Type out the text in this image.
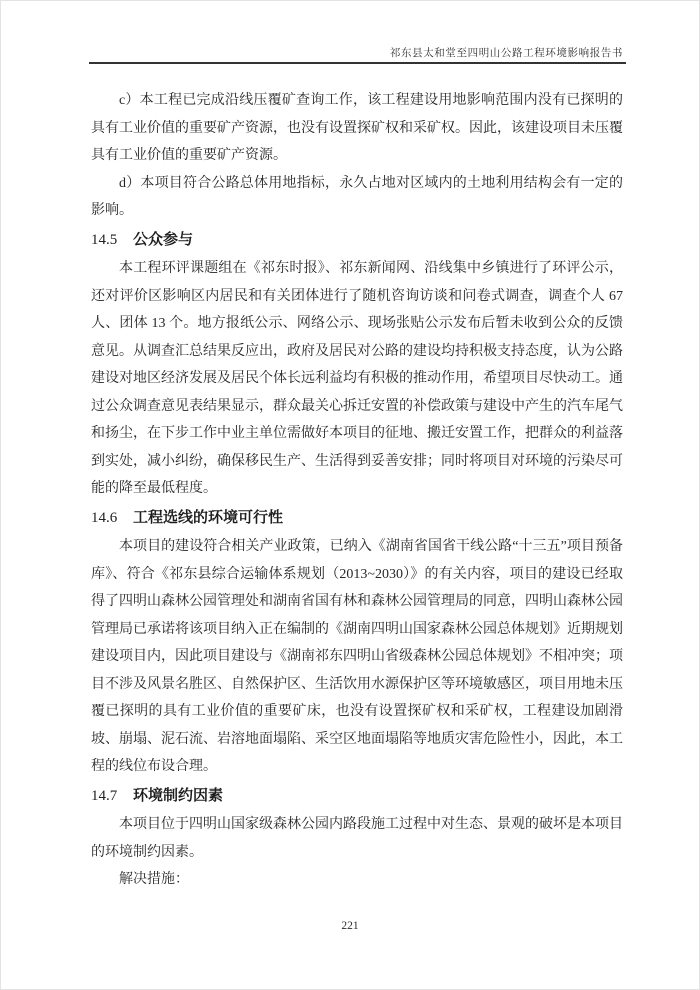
祁东县太和堂至四明山公路工程环境影响报告书

c）本工程已完成沿线压覆矿查询工作，该工程建设用地影响范围内没有已探明的具有工业价值的重要矿产资源，也没有设置探矿权和采矿权。因此，该建设项目未压覆具有工业价值的重要矿产资源。

d）本项目符合公路总体用地指标，永久占地对区域内的土地利用结构会有一定的影响。

14.5 公众参与

本工程环评课题组在《祁东时报》、祁东新闻网、沿线集中乡镇进行了环评公示，还对评价区影响区内居民和有关团体进行了随机咨询访谈和问卷式调查，调查个人 67 人、团体 13 个。地方报纸公示、网络公示、现场张贴公示发布后暂未收到公众的反馈意见。从调查汇总结果反应出，政府及居民对公路的建设均持积极支持态度，认为公路建设对地区经济发展及居民个体长远利益均有积极的推动作用，希望项目尽快动工。通过公众调查意见表结果显示，群众最关心拆迁安置的补偿政策与建设中产生的汽车尾气和扬尘，在下步工作中业主单位需做好本项目的征地、搬迁安置工作，把群众的利益落到实处，减小纠纷，确保移民生产、生活得到妥善安排；同时将项目对环境的污染尽可能的降至最低程度。

14.6 工程选线的环境可行性

本项目的建设符合相关产业政策，已纳入《湖南省国省干线公路“十三五”项目预备库》、符合《祁东县综合运输体系规划（2013~2030）》的有关内容，项目的建设已经取得了四明山森林公园管理处和湖南省国有林和森林公园管理局的同意，四明山森林公园管理局已承诺将该项目纳入正在编制的《湖南四明山国家森林公园总体规划》近期规划建设项目内，因此项目建设与《湖南祁东四明山省级森林公园总体规划》不相冲突；项目不涉及风景名胜区、自然保护区、生活饮用水源保护区等环境敏感区，项目用地未压覆已探明的具有工业价值的重要矿床，也没有设置探矿权和采矿权，工程建设加剧滑坡、崩塌、泥石流、岩溶地面塌陷、采空区地面塌陷等地质灾害危险性小，因此，本工程的线位布设合理。

14.7 环境制约因素

本项目位于四明山国家级森林公园内路段施工过程中对生态、景观的破坏是本项目的环境制约因素。

解决措施：

221
